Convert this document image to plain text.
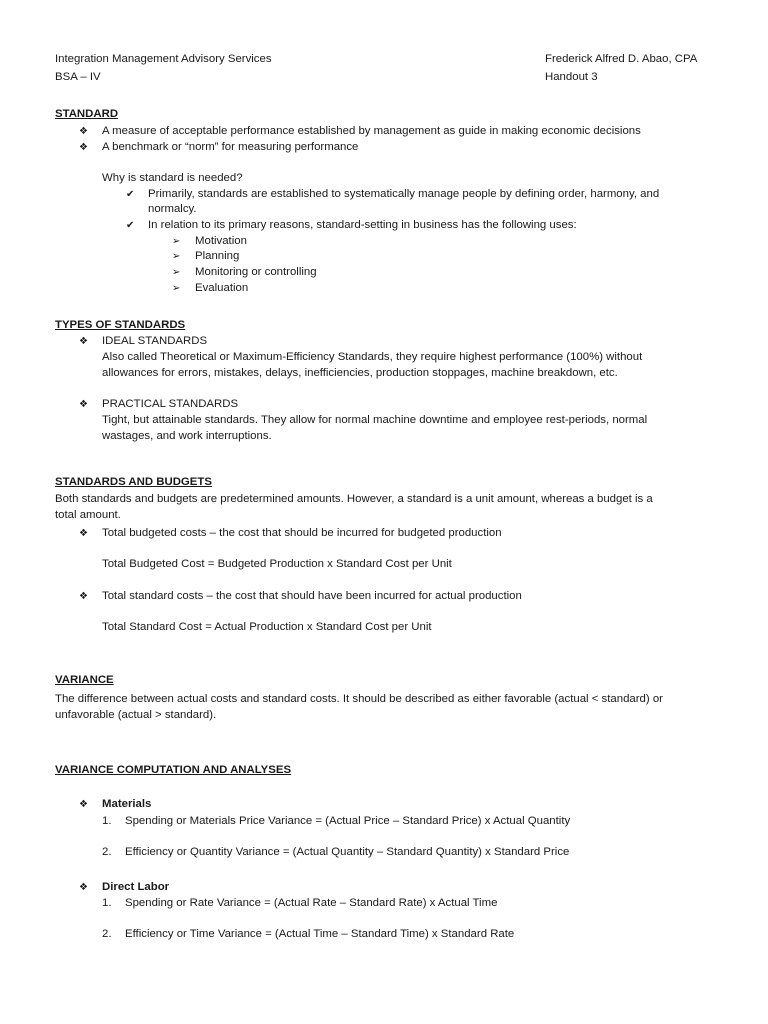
Integration Management Advisory Services	Frederick Alfred D. Abao, CPA
BSA – IV	Handout 3
STANDARD
❖ A measure of acceptable performance established by management as guide in making economic decisions
❖ A benchmark or “norm” for measuring performance
Why is standard is needed?
✔ Primarily, standards are established to systematically manage people by defining order, harmony, and
normalcy.
✔ In relation to its primary reasons, standard-setting in business has the following uses:
➢ Motivation
➢ Planning
➢ Monitoring or controlling
➢ Evaluation
TYPES OF STANDARDS
❖ IDEAL STANDARDS
Also called Theoretical or Maximum-Efficiency Standards, they require highest performance (100%) without
allowances for errors, mistakes, delays, inefficiencies, production stoppages, machine breakdown, etc.
❖ PRACTICAL STANDARDS
Tight, but attainable standards. They allow for normal machine downtime and employee rest-periods, normal
wastages, and work interruptions.
STANDARDS AND BUDGETS
Both standards and budgets are predetermined amounts. However, a standard is a unit amount, whereas a budget is a
total amount.
❖ Total budgeted costs – the cost that should be incurred for budgeted production
Total Budgeted Cost = Budgeted Production x Standard Cost per Unit
❖ Total standard costs – the cost that should have been incurred for actual production
Total Standard Cost = Actual Production x Standard Cost per Unit
VARIANCE
The difference between actual costs and standard costs. It should be described as either favorable (actual < standard) or
unfavorable (actual > standard).
VARIANCE COMPUTATION AND ANALYSES
❖ Materials
1. Spending or Materials Price Variance = (Actual Price – Standard Price) x Actual Quantity
2. Efficiency or Quantity Variance = (Actual Quantity – Standard Quantity) x Standard Price
❖ Direct Labor
1. Spending or Rate Variance = (Actual Rate – Standard Rate) x Actual Time
2. Efficiency or Time Variance = (Actual Time – Standard Time) x Standard Rate
